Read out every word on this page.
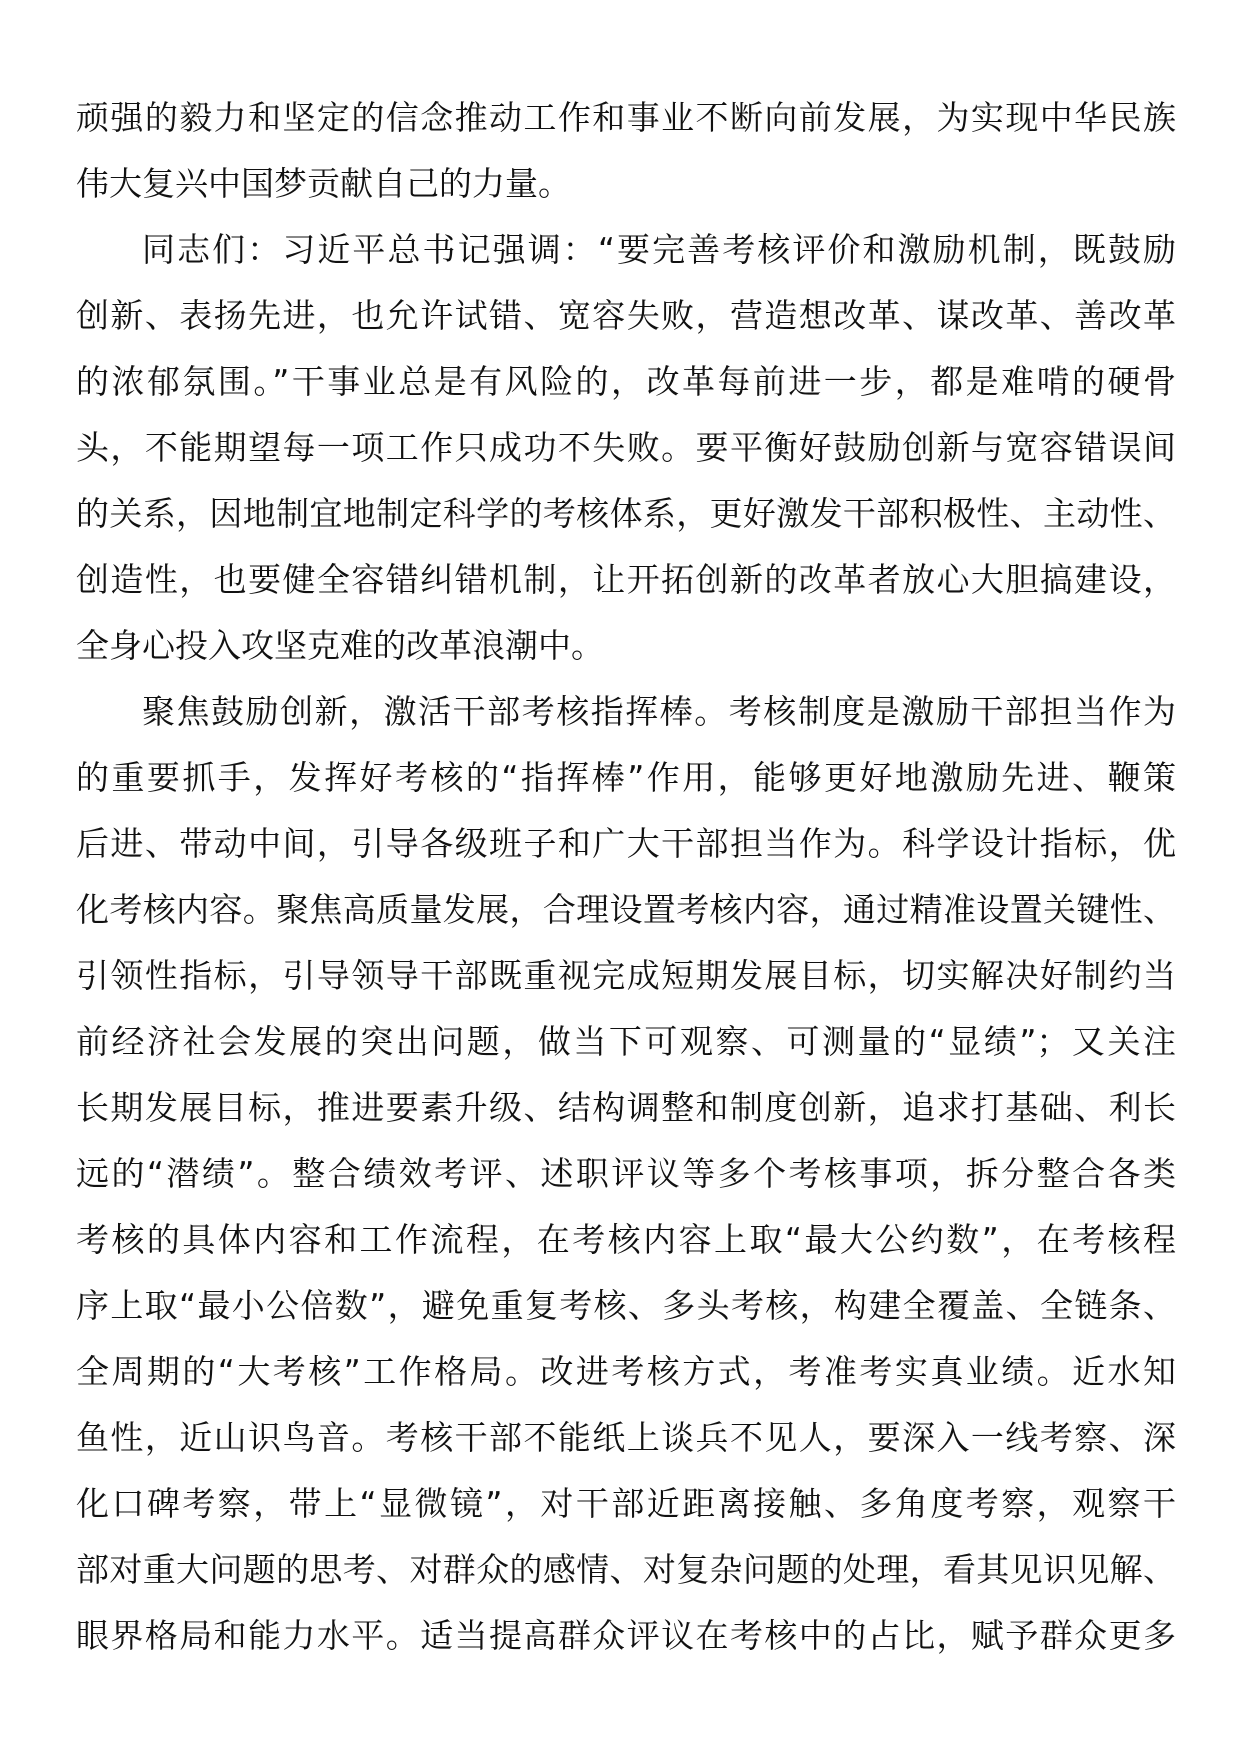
顽强的毅力和坚定的信念推动工作和事业不断向前发展，为实现中华民族
伟大复兴中国梦贡献自己的力量。
同志们：习近平总书记强调：“要完善考核评价和激励机制，既鼓励
创新、表扬先进，也允许试错、宽容失败，营造想改革、谋改革、善改革
的浓郁氛围。”干事业总是有风险的，改革每前进一步，都是难啃的硬骨
头，不能期望每一项工作只成功不失败。要平衡好鼓励创新与宽容错误间
的关系，因地制宜地制定科学的考核体系，更好激发干部积极性、主动性、
创造性，也要健全容错纠错机制，让开拓创新的改革者放心大胆搞建设，
全身心投入攻坚克难的改革浪潮中。
聚焦鼓励创新，激活干部考核指挥棒。考核制度是激励干部担当作为
的重要抓手，发挥好考核的“指挥棒”作用，能够更好地激励先进、鞭策
后进、带动中间，引导各级班子和广大干部担当作为。科学设计指标，优
化考核内容。聚焦高质量发展，合理设置考核内容，通过精准设置关键性、
引领性指标，引导领导干部既重视完成短期发展目标，切实解决好制约当
前经济社会发展的突出问题，做当下可观察、可测量的“显绩”；又关注
长期发展目标，推进要素升级、结构调整和制度创新，追求打基础、利长
远的“潜绩”。整合绩效考评、述职评议等多个考核事项，拆分整合各类
考核的具体内容和工作流程，在考核内容上取“最大公约数”，在考核程
序上取“最小公倍数”，避免重复考核、多头考核，构建全覆盖、全链条、
全周期的“大考核”工作格局。改进考核方式，考准考实真业绩。近水知
鱼性，近山识鸟音。考核干部不能纸上谈兵不见人，要深入一线考察、深
化口碑考察，带上“显微镜”，对干部近距离接触、多角度考察，观察干
部对重大问题的思考、对群众的感情、对复杂问题的处理，看其见识见解、
眼界格局和能力水平。适当提高群众评议在考核中的占比，赋予群众更多
